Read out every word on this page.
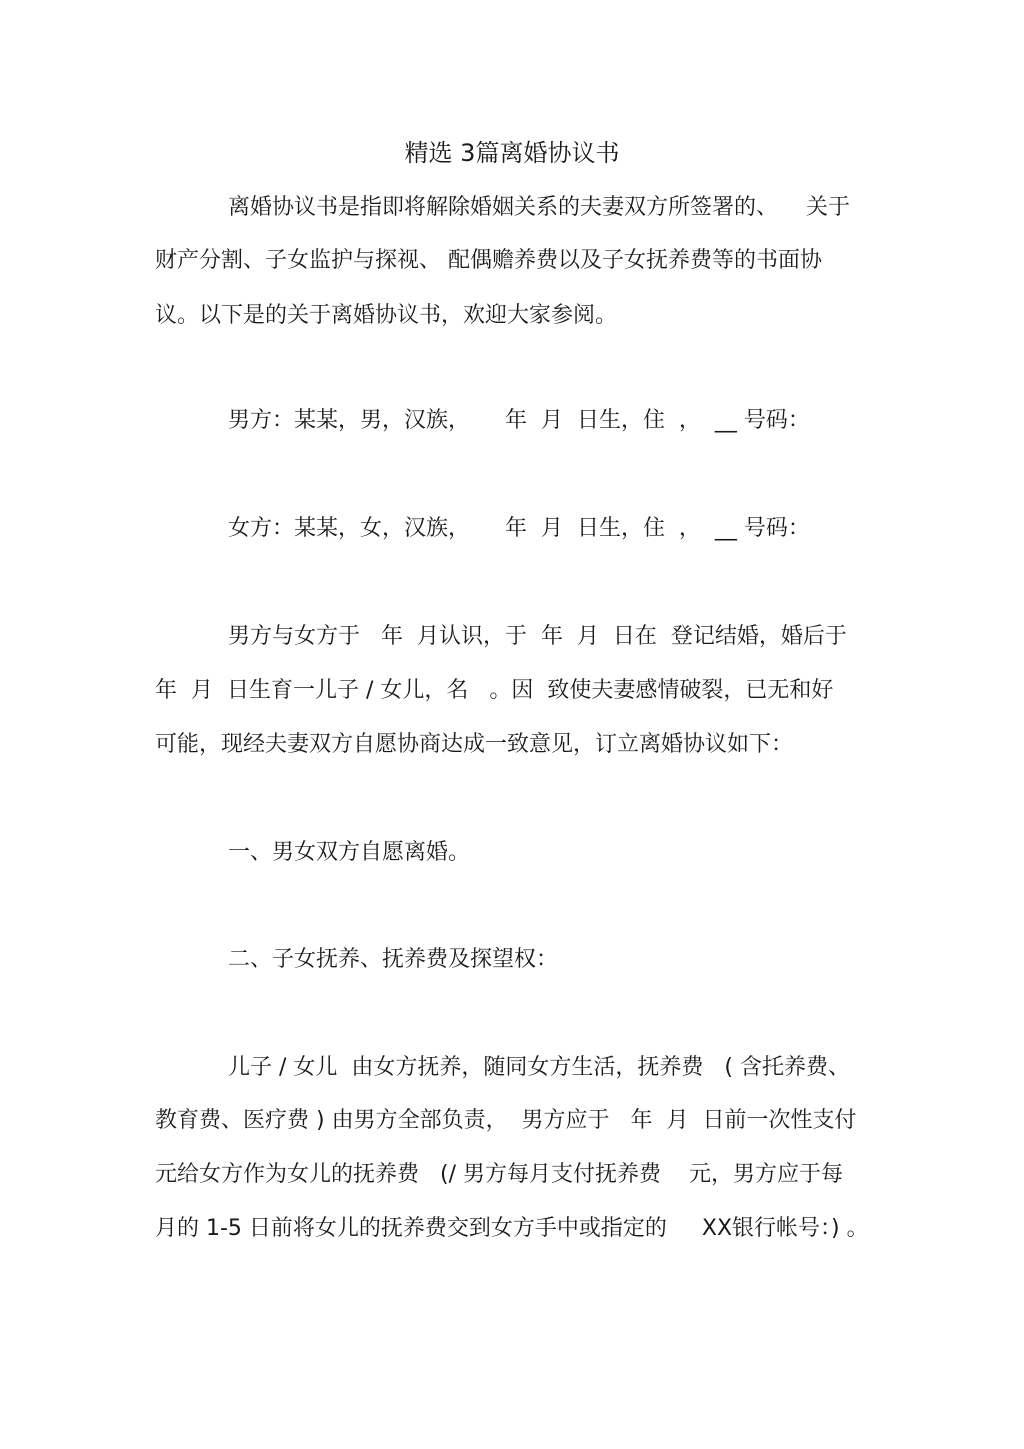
精选 3篇离婚协议书
离婚协议书是指即将解除婚姻关系的夫妻双方所签署的、    关于
财产分割、子女监护与探视、 配偶赡养费以及子女抚养费等的书面协
议。以下是的关于离婚协议书，欢迎大家参阅。
男方：某某，男，汉族，     年  月  日生，住  ，  __ 号码：
女方：某某，女，汉族，     年  月  日生，住  ，  __ 号码：
男方与女方于   年  月认识，于  年  月  日在  登记结婚，婚后于
年  月  日生育一儿子 / 女儿，名   。因  致使夫妻感情破裂，已无和好
可能，现经夫妻双方自愿协商达成一致意见，订立离婚协议如下：
一、男女双方自愿离婚。
二、子女抚养、抚养费及探望权：
儿子 / 女儿  由女方抚养，随同女方生活，抚养费   ( 含托养费、
教育费、医疗费 ) 由男方全部负责，  男方应于   年  月  日前一次性支付
元给女方作为女儿的抚养费   (/ 男方每月支付抚养费    元，男方应于每
月的 1-5 日前将女儿的抚养费交到女方手中或指定的     XX银行帐号：) 。
